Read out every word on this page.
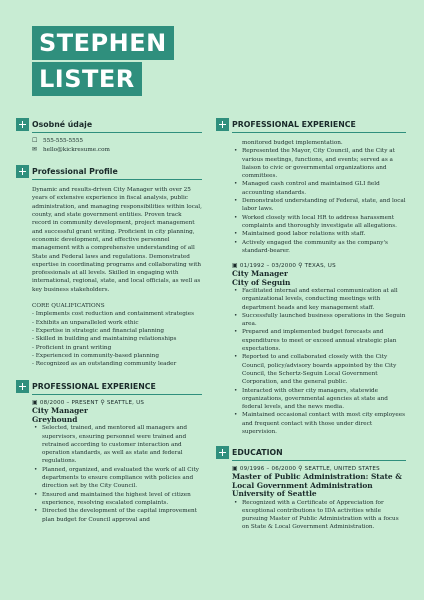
STEPHEN
LISTER
Osobné údaje
☐ 555-555-5555
✉ hello@kickresume.com
Professional Profile
Dynamic and results-driven City Manager with over 25 years of extensive experience in fiscal analysis, public administration, and managing responsibilities within local, county, and state government entities. Proven track record in community development, project management and successful grant writing. Proficient in city planning, economic development, and effective personnel management with a comprehensive understanding of all State and Federal laws and regulations. Demonstrated expertise in coordinating programs and collaborating with professionals at all levels. Skilled in engaging with international, regional, state, and local officials, as well as key business stakeholders.
CORE QUALIFICATIONS
- Implements cost reduction and containment strategies
- Exhibits an unparalleled work ethic
- Expertise in strategic and financial planning
- Skilled in building and maintaining relationships
- Proficient in grant writing
- Experienced in community-based planning
- Recognized as an outstanding community leader
PROFESSIONAL EXPERIENCE
▣ 08/2000 – PRESENT ⚲ SEATTLE, US
City Manager
Greyhound
• Selected, trained, and mentored all managers and supervisors, ensuring personnel were trained and retrained according to customer interaction and operation standards, as well as state and federal regulations.
• Planned, organized, and evaluated the work of all City departments to ensure compliance with policies and direction set by the City Council.
• Ensured and maintained the highest level of citizen experience, resolving escalated complaints.
• Directed the development of the capital improvement plan budget for Council approval and
PROFESSIONAL EXPERIENCE
monitored budget implementation.
• Represented the Mayor, City Council, and the City at various meetings, functions, and events; served as a liaison to civic or governmental organizations and committees.
• Managed cash control and maintained GLI field accounting standards.
• Demonstrated understanding of Federal, state, and local labor laws.
• Worked closely with local HR to address harassment complaints and thoroughly investigate all allegations.
• Maintained good labor relations with staff.
• Actively engaged the community as the company's standard-bearer.
▣ 01/1992 – 03/2000 ⚲ TEXAS, US
City Manager
City of Seguin
• Facilitated internal and external communication at all organizational levels, conducting meetings with department heads and key management staff.
• Successfully launched business operations in the Seguin area.
• Prepared and implemented budget forecasts and expenditures to meet or exceed annual strategic plan expectations.
• Reported to and collaborated closely with the City Council, policy/advisory boards appointed by the City Council, the Schertz-Seguin Local Government Corporation, and the general public.
• Interacted with other city managers, statewide organizations, governmental agencies at state and federal levels, and the news media.
• Maintained occasional contact with most city employees and frequent contact with those under direct supervision.
EDUCATION
▣ 09/1996 – 06/2000 ⚲ SEATTLE, UNITED STATES
Master of Public Administration: State & Local Government Administration
University of Seattle
• Recognized with a Certificate of Appreciation for exceptional contributions to IDA activities while pursuing Master of Public Administration with a focus on State & Local Government Administration.
